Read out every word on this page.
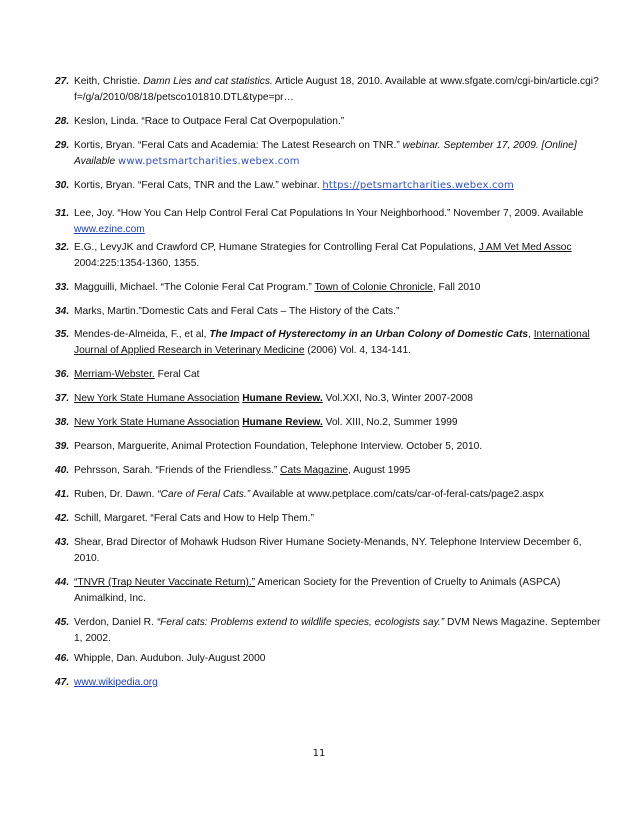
27. Keith, Christie. Damn Lies and cat statistics. Article August 18, 2010. Available at www.sfgate.com/cgi-bin/article.cgi?f=/g/a/2010/08/18/petsco101810.DTL&type=pr…
28. Keslon, Linda. “Race to Outpace Feral Cat Overpopulation.”
29. Kortis, Bryan. “Feral Cats and Academia: The Latest Research on TNR.” webinar. September 17, 2009. [Online] Available www.petsmartcharities.webex.com
30. Kortis, Bryan. “Feral Cats, TNR and the Law.” webinar. https://petsmartcharities.webex.com
31. Lee, Joy. “How You Can Help Control Feral Cat Populations In Your Neighborhood.” November 7, 2009. Available www.ezine.com
32. E.G., LevyJK and Crawford CP, Humane Strategies for Controlling Feral Cat Populations, J AM Vet Med Assoc 2004:225:1354-1360, 1355.
33. Magguilli, Michael. “The Colonie Feral Cat Program.” Town of Colonie Chronicle, Fall 2010
34. Marks, Martin.”Domestic Cats and Feral Cats – The History of the Cats.”
35. Mendes-de-Almeida, F., et al, The Impact of Hysterectomy in an Urban Colony of Domestic Cats, International Journal of Applied Research in Veterinary Medicine (2006) Vol. 4, 134-141.
36. Merriam-Webster. Feral Cat
37. New York State Humane Association Humane Review. Vol.XXI, No.3, Winter 2007-2008
38. New York State Humane Association Humane Review. Vol. XIII, No.2, Summer 1999
39. Pearson, Marguerite, Animal Protection Foundation, Telephone Interview. October 5, 2010.
40. Pehrsson, Sarah. “Friends of the Friendless.” Cats Magazine, August 1995
41. Ruben, Dr. Dawn. “Care of Feral Cats.” Available at www.petplace.com/cats/car-of-feral-cats/page2.aspx
42. Schill, Margaret. “Feral Cats and How to Help Them.”
43. Shear, Brad Director of Mohawk Hudson River Humane Society-Menands, NY. Telephone Interview December 6, 2010.
44. “TNVR (Trap Neuter Vaccinate Return).” American Society for the Prevention of Cruelty to Animals (ASPCA) Animalkind, Inc.
45. Verdon, Daniel R. “Feral cats: Problems extend to wildlife species, ecologists say.” DVM News Magazine. September 1, 2002.
46. Whipple, Dan. Audubon. July-August 2000
47. www.wikipedia.org
11
